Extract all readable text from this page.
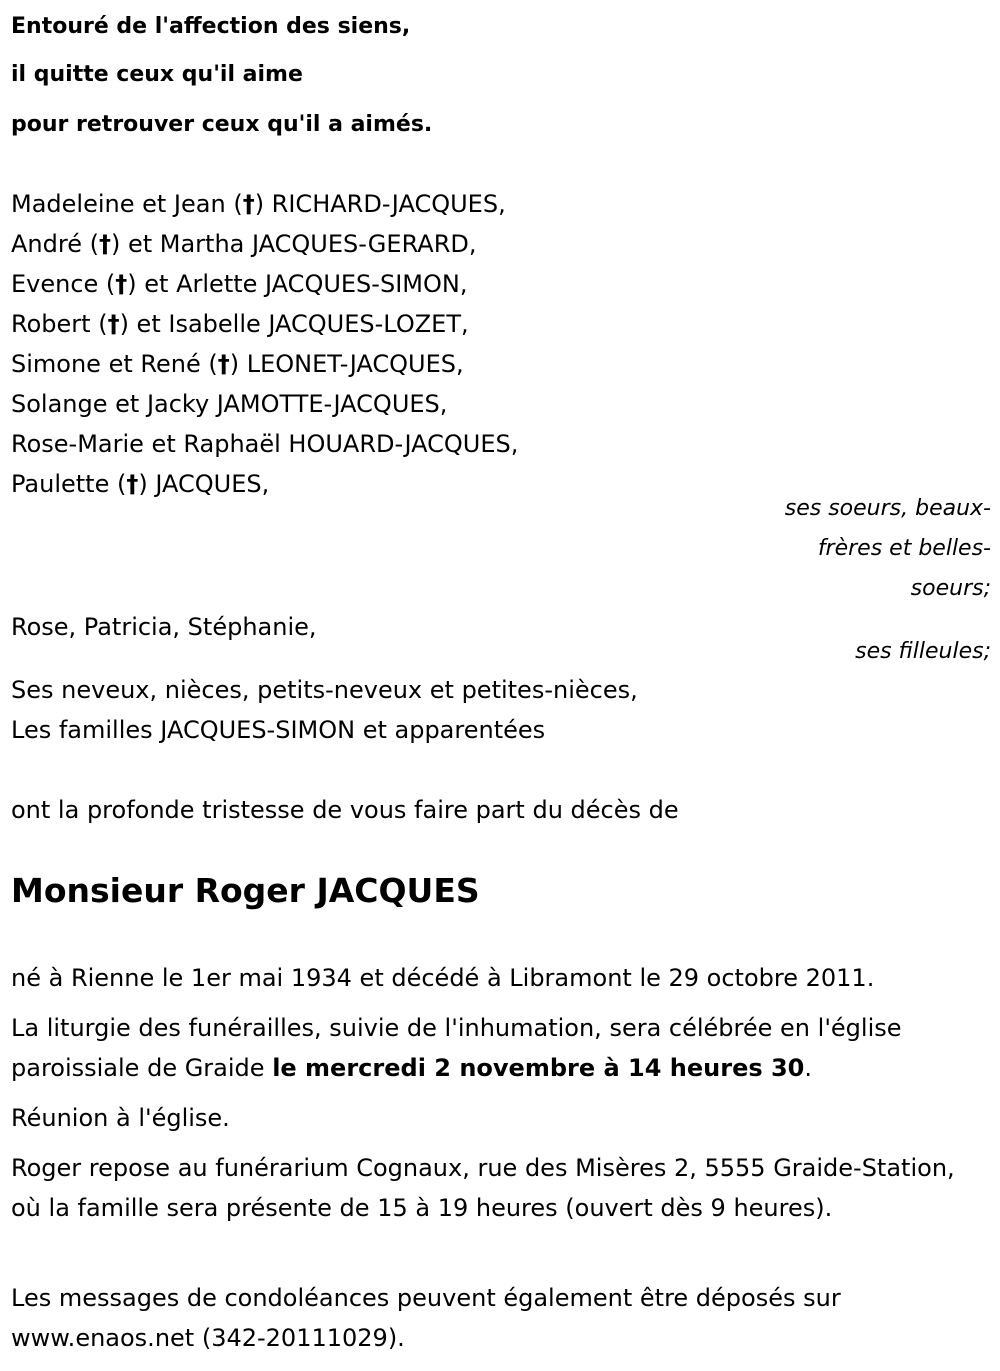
Entouré de l'affection des siens,
il quitte ceux qu'il aime
pour retrouver ceux qu'il a aimés.
Madeleine et Jean (†) RICHARD-JACQUES,
André (†) et Martha JACQUES-GERARD,
Evence (†) et Arlette JACQUES-SIMON,
Robert (†) et Isabelle JACQUES-LOZET,
Simone et René (†) LEONET-JACQUES,
Solange et Jacky JAMOTTE-JACQUES,
Rose-Marie et Raphaël HOUARD-JACQUES,
Paulette (†) JACQUES,
ses soeurs, beaux-
frères et belles-
soeurs;
Rose, Patricia, Stéphanie,
ses filleules;
Ses neveux, nièces, petits-neveux et petites-nièces,
Les familles JACQUES-SIMON et apparentées
ont la profonde tristesse de vous faire part du décès de
Monsieur Roger JACQUES
né à Rienne le 1er mai 1934 et décédé à Libramont le 29 octobre 2011.
La liturgie des funérailles, suivie de l'inhumation, sera célébrée en l'église paroissiale de Graide le mercredi 2 novembre à 14 heures 30.
Réunion à l'église.
Roger repose au funérarium Cognaux, rue des Misères 2, 5555 Graide-Station, où la famille sera présente de 15 à 19 heures (ouvert dès 9 heures).
Les messages de condoléances peuvent également être déposés sur www.enaos.net (342-20111029).
